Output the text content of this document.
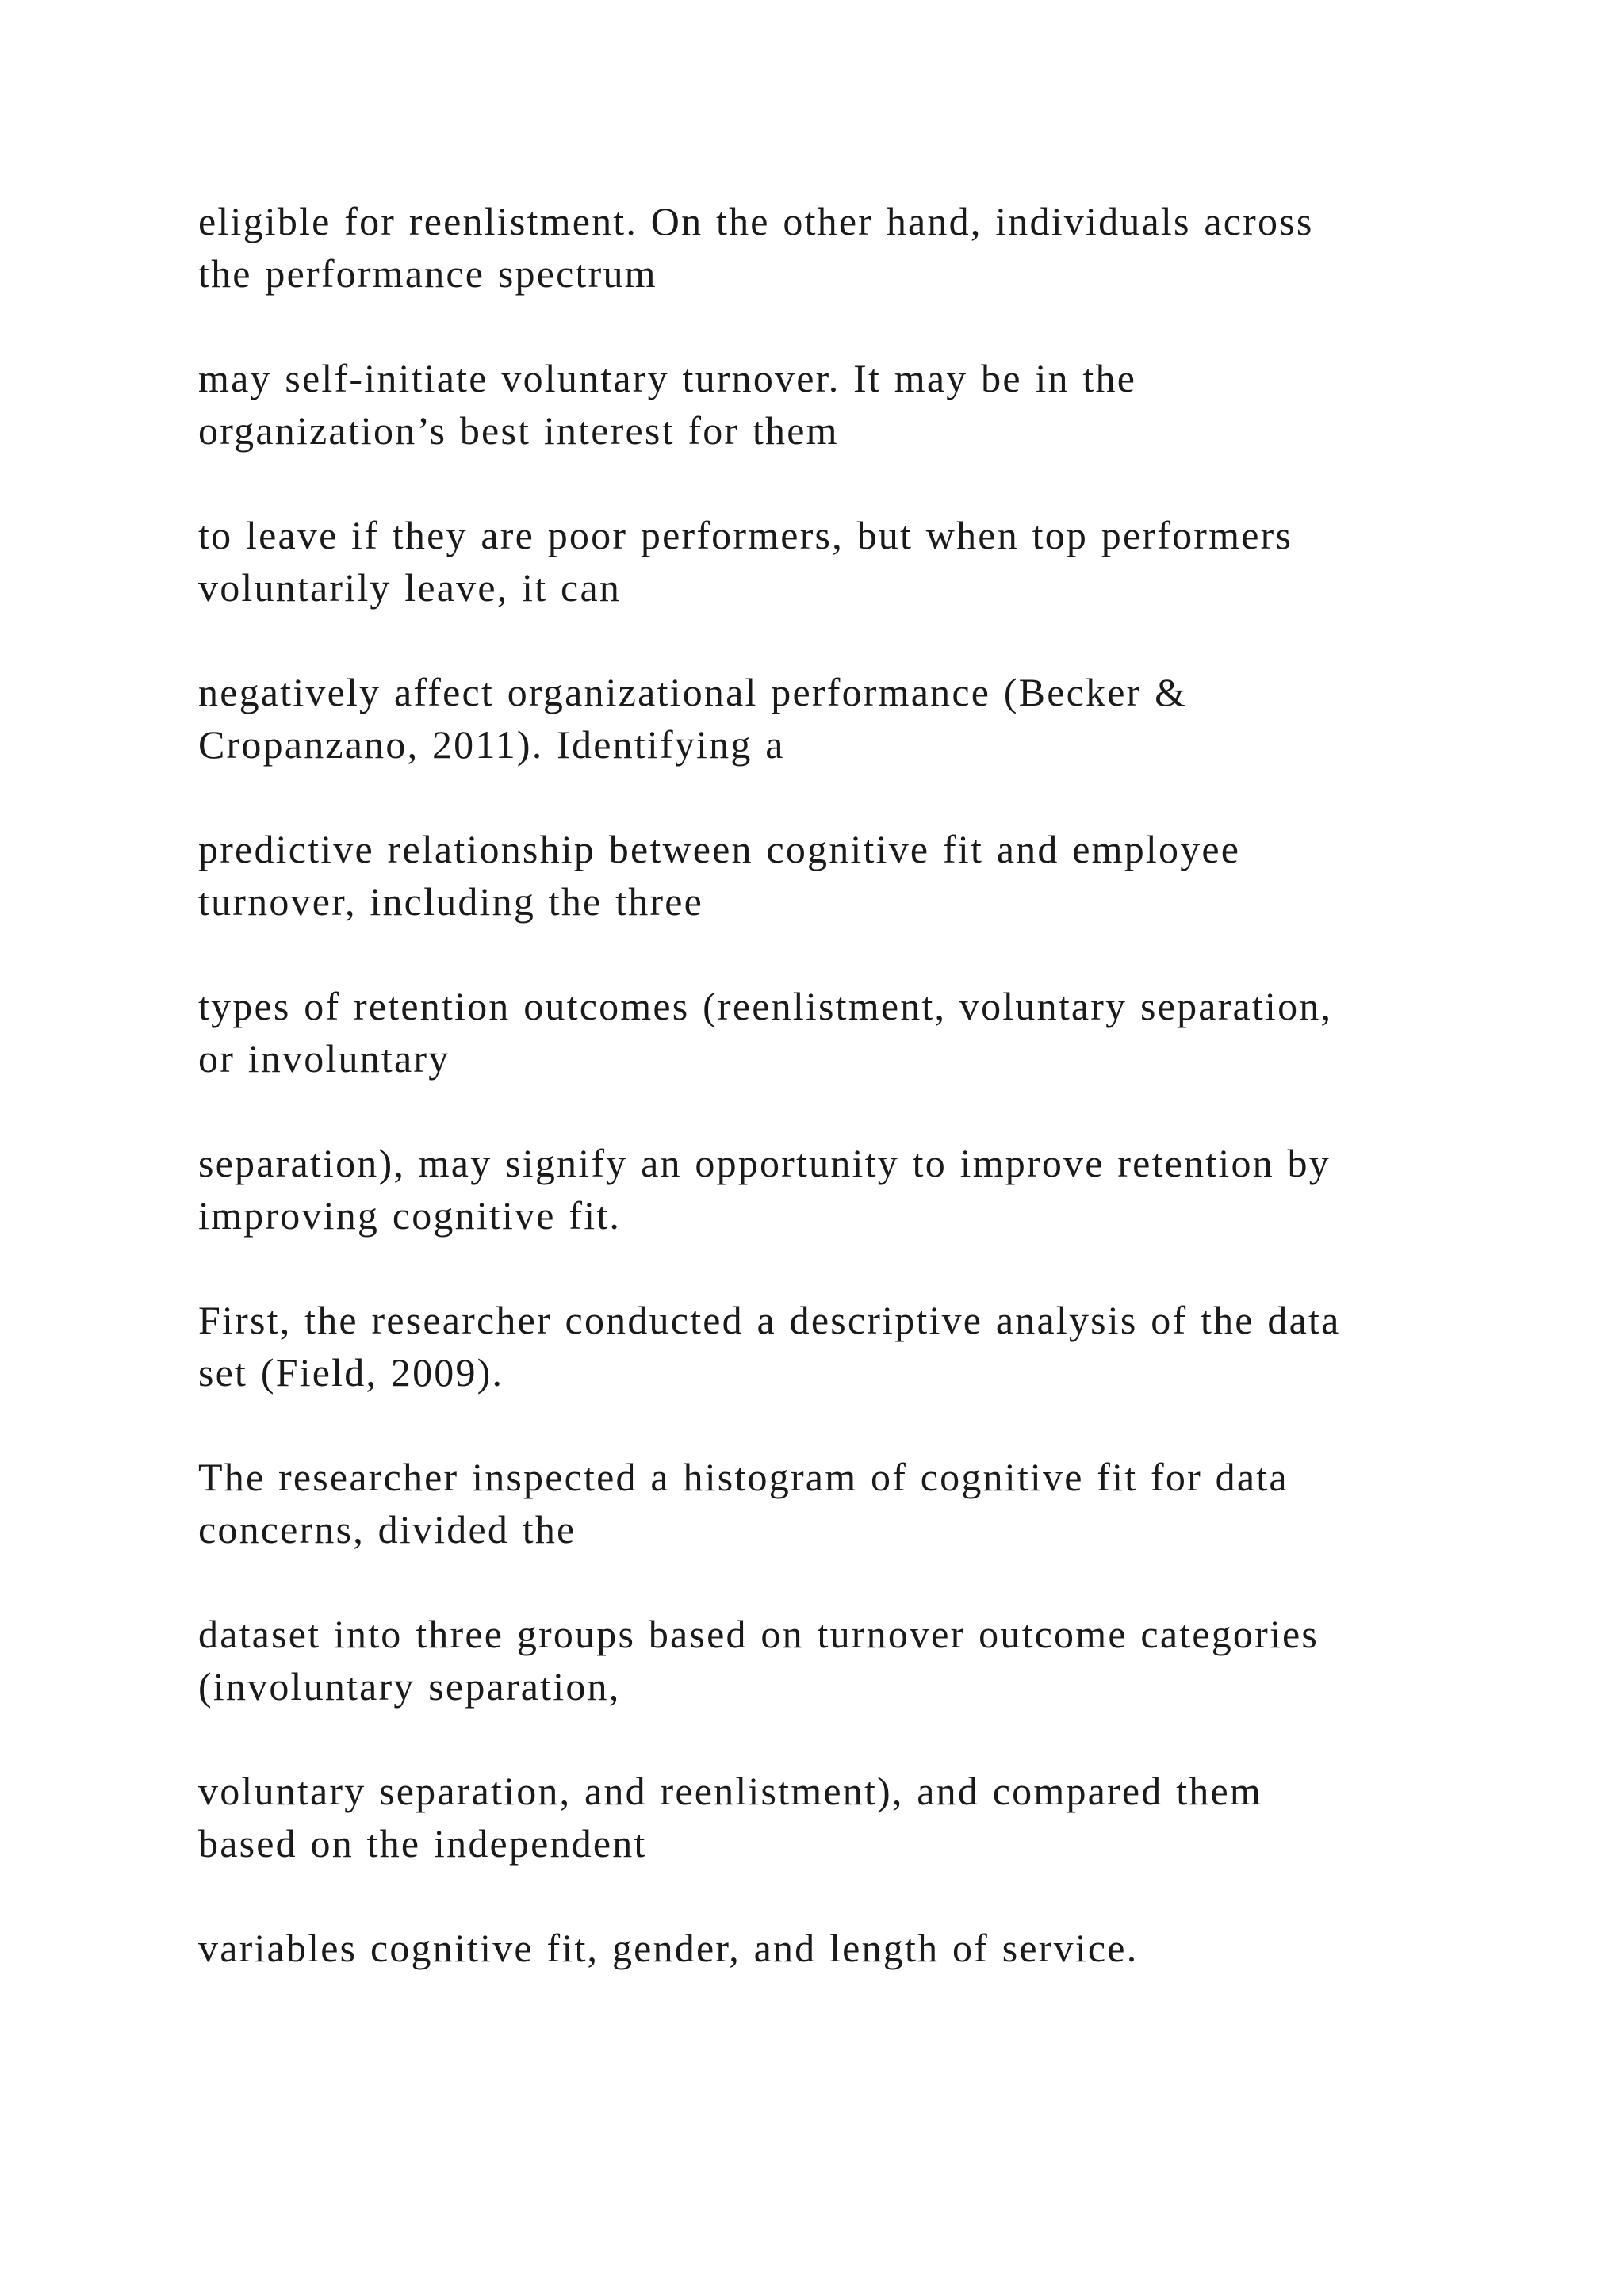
eligible for reenlistment. On the other hand, individuals across
the performance spectrum

may self-initiate voluntary turnover. It may be in the
organization’s best interest for them

to leave if they are poor performers, but when top performers
voluntarily leave, it can

negatively affect organizational performance (Becker &
Cropanzano, 2011). Identifying a

predictive relationship between cognitive fit and employee
turnover, including the three

types of retention outcomes (reenlistment, voluntary separation,
or involuntary

separation), may signify an opportunity to improve retention by
improving cognitive fit.

First, the researcher conducted a descriptive analysis of the data
set (Field, 2009).

The researcher inspected a histogram of cognitive fit for data
concerns, divided the

dataset into three groups based on turnover outcome categories
(involuntary separation,

voluntary separation, and reenlistment), and compared them
based on the independent

variables cognitive fit, gender, and length of service.
